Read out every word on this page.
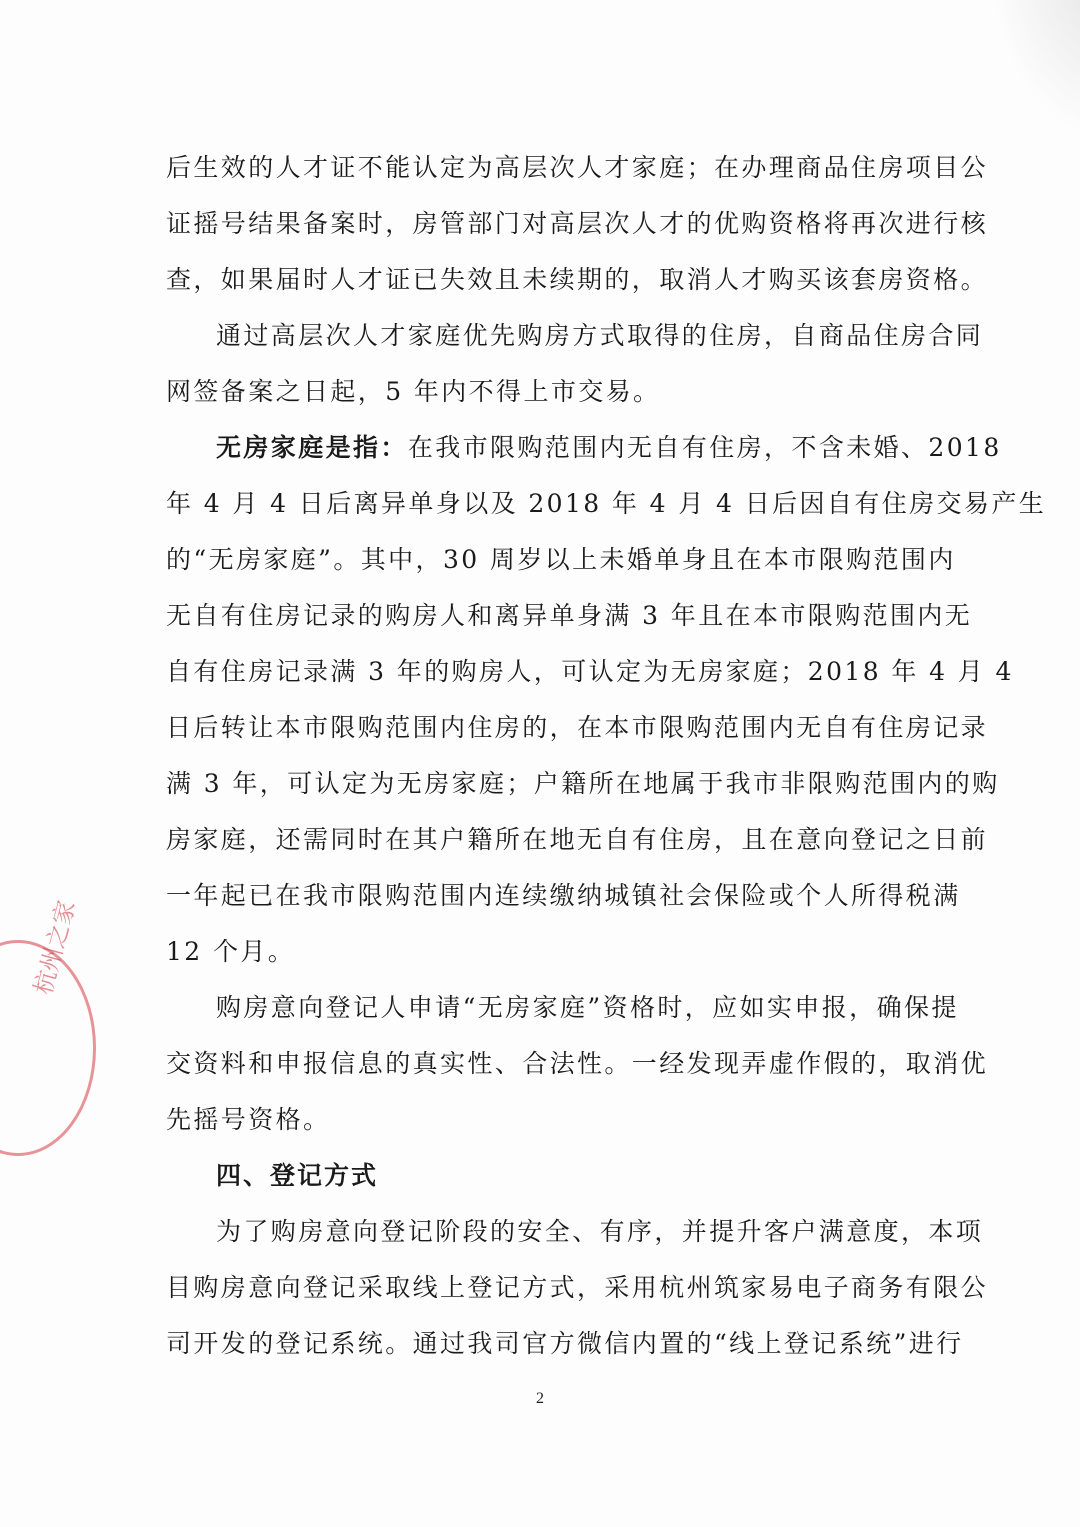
杭州之家
后生效的人才证不能认定为高层次人才家庭；在办理商品住房项目公
证摇号结果备案时，房管部门对高层次人才的优购资格将再次进行核
查，如果届时人才证已失效且未续期的，取消人才购买该套房资格。
通过高层次人才家庭优先购房方式取得的住房，自商品住房合同
网签备案之日起，5 年内不得上市交易。
无房家庭是指：在我市限购范围内无自有住房，不含未婚、2018
年 4 月 4 日后离异单身以及 2018 年 4 月 4 日后因自有住房交易产生
的“无房家庭”。其中，30 周岁以上未婚单身且在本市限购范围内
无自有住房记录的购房人和离异单身满 3 年且在本市限购范围内无
自有住房记录满 3 年的购房人，可认定为无房家庭；2018 年 4 月 4
日后转让本市限购范围内住房的，在本市限购范围内无自有住房记录
满 3 年，可认定为无房家庭；户籍所在地属于我市非限购范围内的购
房家庭，还需同时在其户籍所在地无自有住房，且在意向登记之日前
一年起已在我市限购范围内连续缴纳城镇社会保险或个人所得税满
12 个月。
购房意向登记人申请“无房家庭”资格时，应如实申报，确保提
交资料和申报信息的真实性、合法性。一经发现弄虚作假的，取消优
先摇号资格。
四、登记方式
为了购房意向登记阶段的安全、有序，并提升客户满意度，本项
目购房意向登记采取线上登记方式，采用杭州筑家易电子商务有限公
司开发的登记系统。通过我司官方微信内置的“线上登记系统”进行
2
